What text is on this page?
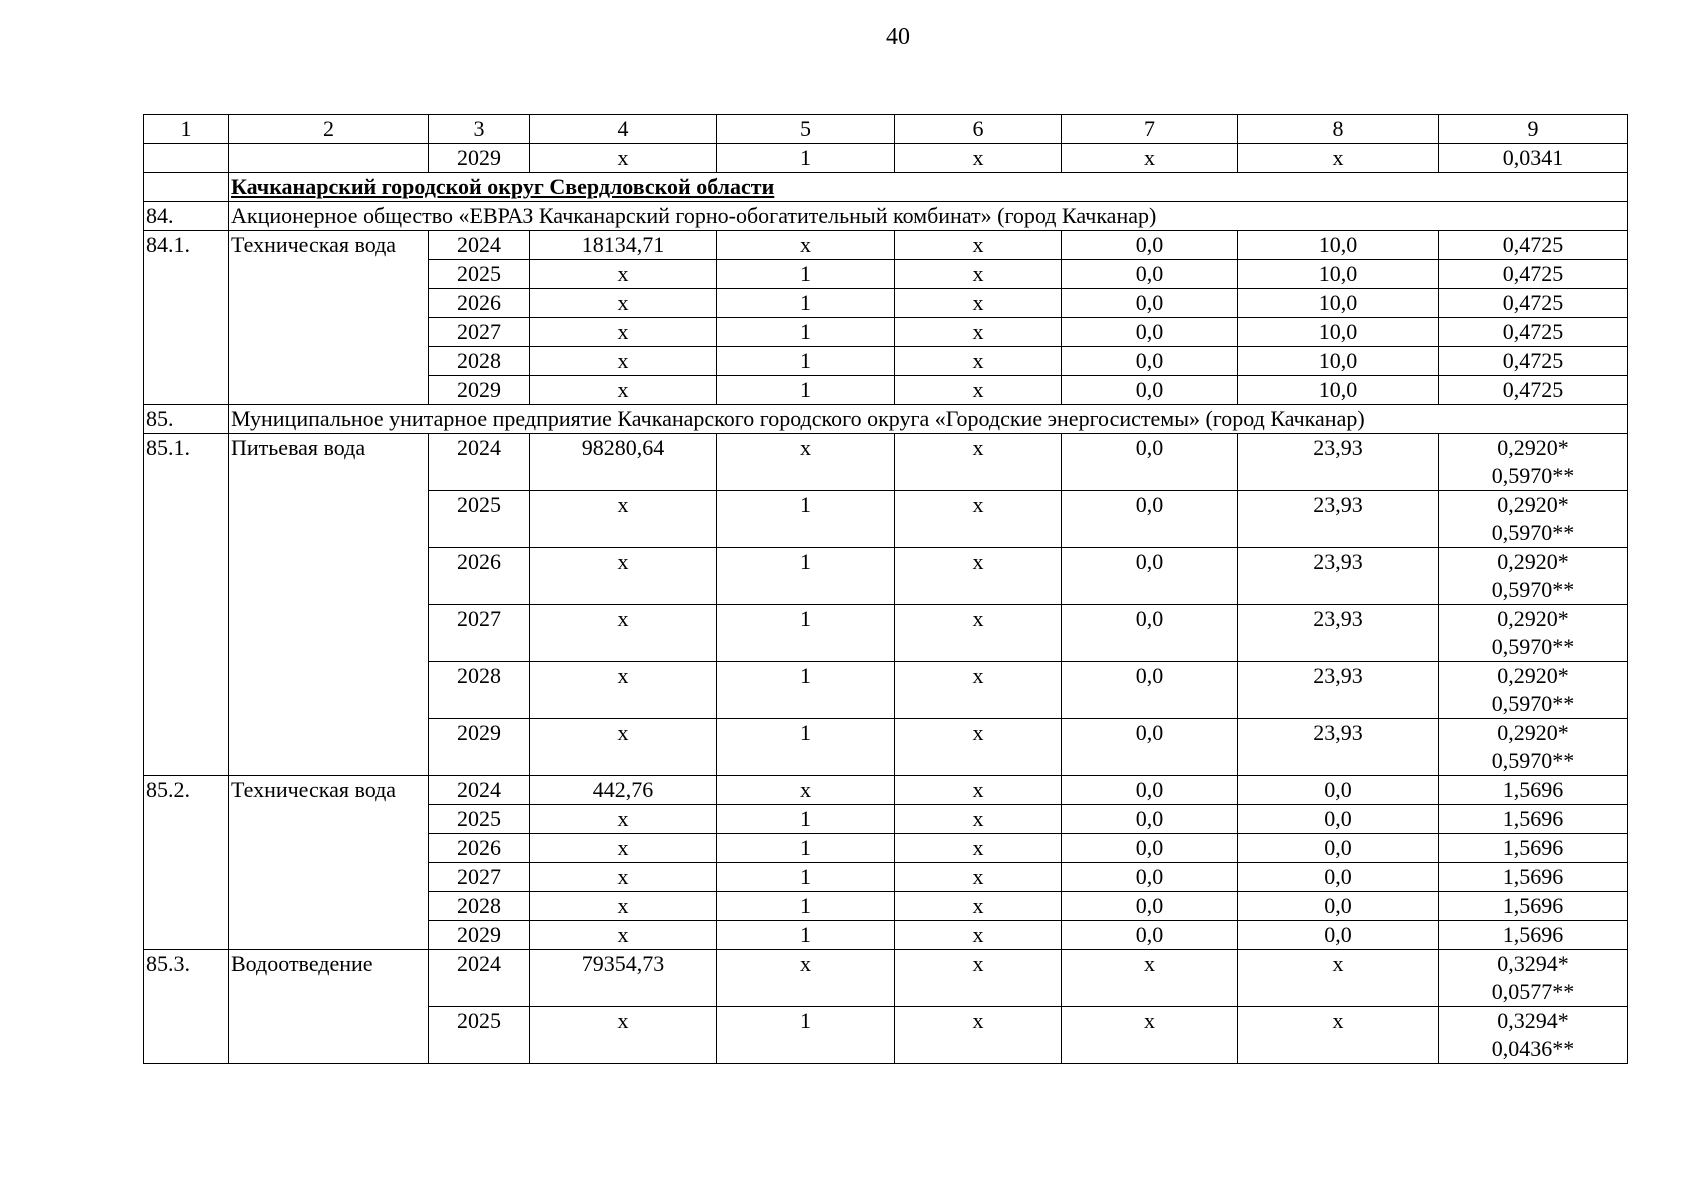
40
1	2	3	4	5	6	7	8	9
		2029	х	1	х	х	х	0,0341
	Качканарский городской округ Свердловской области							
84.	Акционерное общество «ЕВРАЗ Качканарский горно-обогатительный комбинат» (город Качканар)							
84.1.	Техническая вода	2024	18134,71	х	х	0,0	10,0	0,4725
		2025	х	1	х	0,0	10,0	0,4725
		2026	х	1	х	0,0	10,0	0,4725
		2027	х	1	х	0,0	10,0	0,4725
		2028	х	1	х	0,0	10,0	0,4725
		2029	х	1	х	0,0	10,0	0,4725
85.	Муниципальное унитарное предприятие Качканарского городского округа «Городские энергосистемы» (город Качканар)							
85.1.	Питьевая вода	2024	98280,64	х	х	0,0	23,93	0,2920*
0,5970**

		2025	х	1	х	0,0	23,93	0,2920*
0,5970**

		2026	х	1	х	0,0	23,93	0,2920*
0,5970**

		2027	х	1	х	0,0	23,93	0,2920*
0,5970**

		2028	х	1	х	0,0	23,93	0,2920*
0,5970**

		2029	х	1	х	0,0	23,93	0,2920*
0,5970**

85.2.	Техническая вода	2024	442,76	х	х	0,0	0,0	1,5696
		2025	х	1	х	0,0	0,0	1,5696
		2026	х	1	х	0,0	0,0	1,5696
		2027	х	1	х	0,0	0,0	1,5696
		2028	х	1	х	0,0	0,0	1,5696
		2029	х	1	х	0,0	0,0	1,5696
85.3.	Водоотведение	2024	79354,73	х	х	х	х	0,3294*
0,0577**

		2025	х	1	х	х	х	0,3294*
0,0436**
